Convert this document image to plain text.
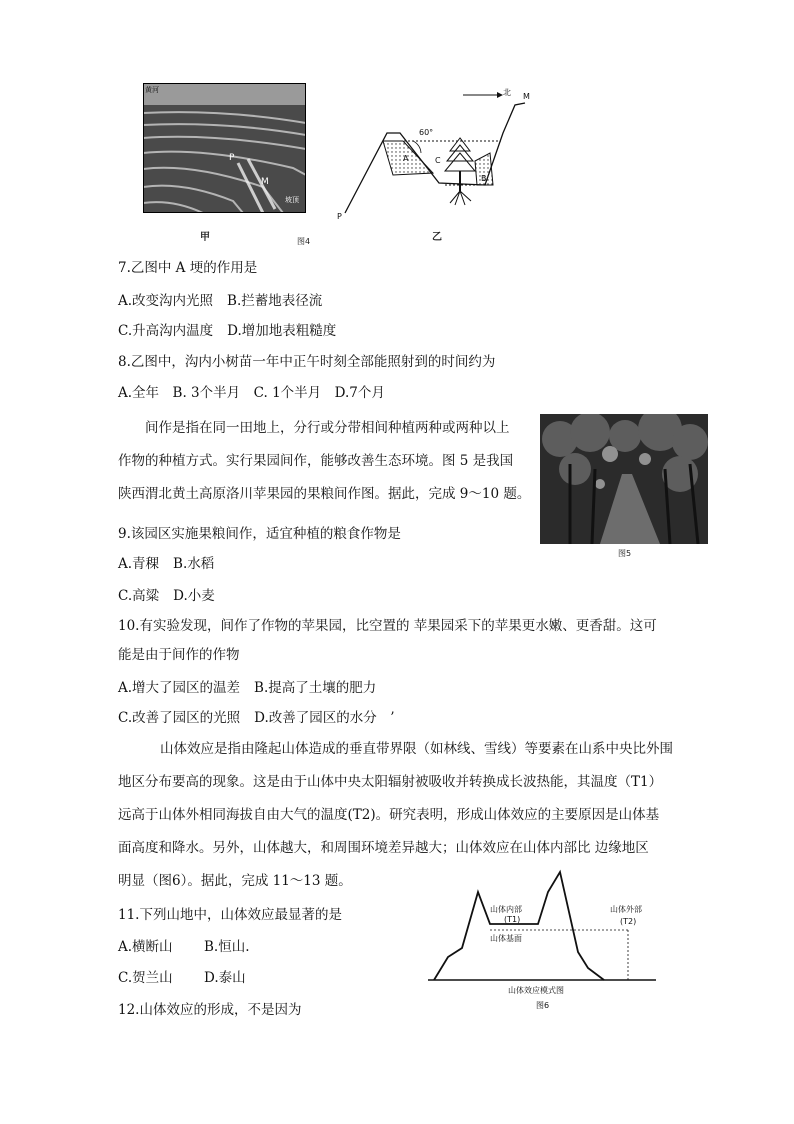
黄河
P
M
坡顶
甲	图4	乙
60°
北 M
P
A
B
C
7.乙图中 A 埂的作用是
A.改变沟内光照 B.拦蓄地表径流
C.升高沟内温度 D.增加地表粗糙度
8.乙图中，沟内小树苗一年中正午时刻全部能照射到的时间约为
A.全年　B. 3个半月　C. 1个半月　D.7个月
间作是指在同一田地上，分行或分带相间种植两种或两种以上
作物的种植方式。实行果园间作，能够改善生态环境。图 5 是我国
陕西渭北黄土高原洛川苹果园的果粮间作图。据此，完成 9～10 题。
图5
9.该园区实施果粮间作，适宜种植的粮食作物是
A.青稞 B.水稻
C.高粱 D.小麦
10.有实验发现，间作了作物的苹果园，比空置的 苹果园采下的苹果更水嫩、更香甜。这可
能是由于间作的作物
A.增大了园区的温差 B.提高了土壤的肥力
C.改善了园区的光照 D.改善了园区的水分　’
山体效应是指由隆起山体造成的垂直带界限（如林线、雪线）等要素在山系中央比外围
地区分布要高的现象。这是由于山体中央太阳辐射被吸收并转换成长波热能，其温度（T1）
远高于山体外相同海拔自由大气的温度(T2)。研究表明，形成山体效应的主要原因是山体基
面高度和降水。另外，山体越大，和周围环境差异越大；山体效应在山体内部比 边缘地区
明显（图6）。据此，完成 11～13 题。
11.下列山地中，山体效应最显著的是
A.横断山 B.恒山.
C.贺兰山 D.泰山
12.山体效应的形成，不是因为
山体内部
(T1)
山体外部
(T2)
山体基面
山体效应模式图
图6
